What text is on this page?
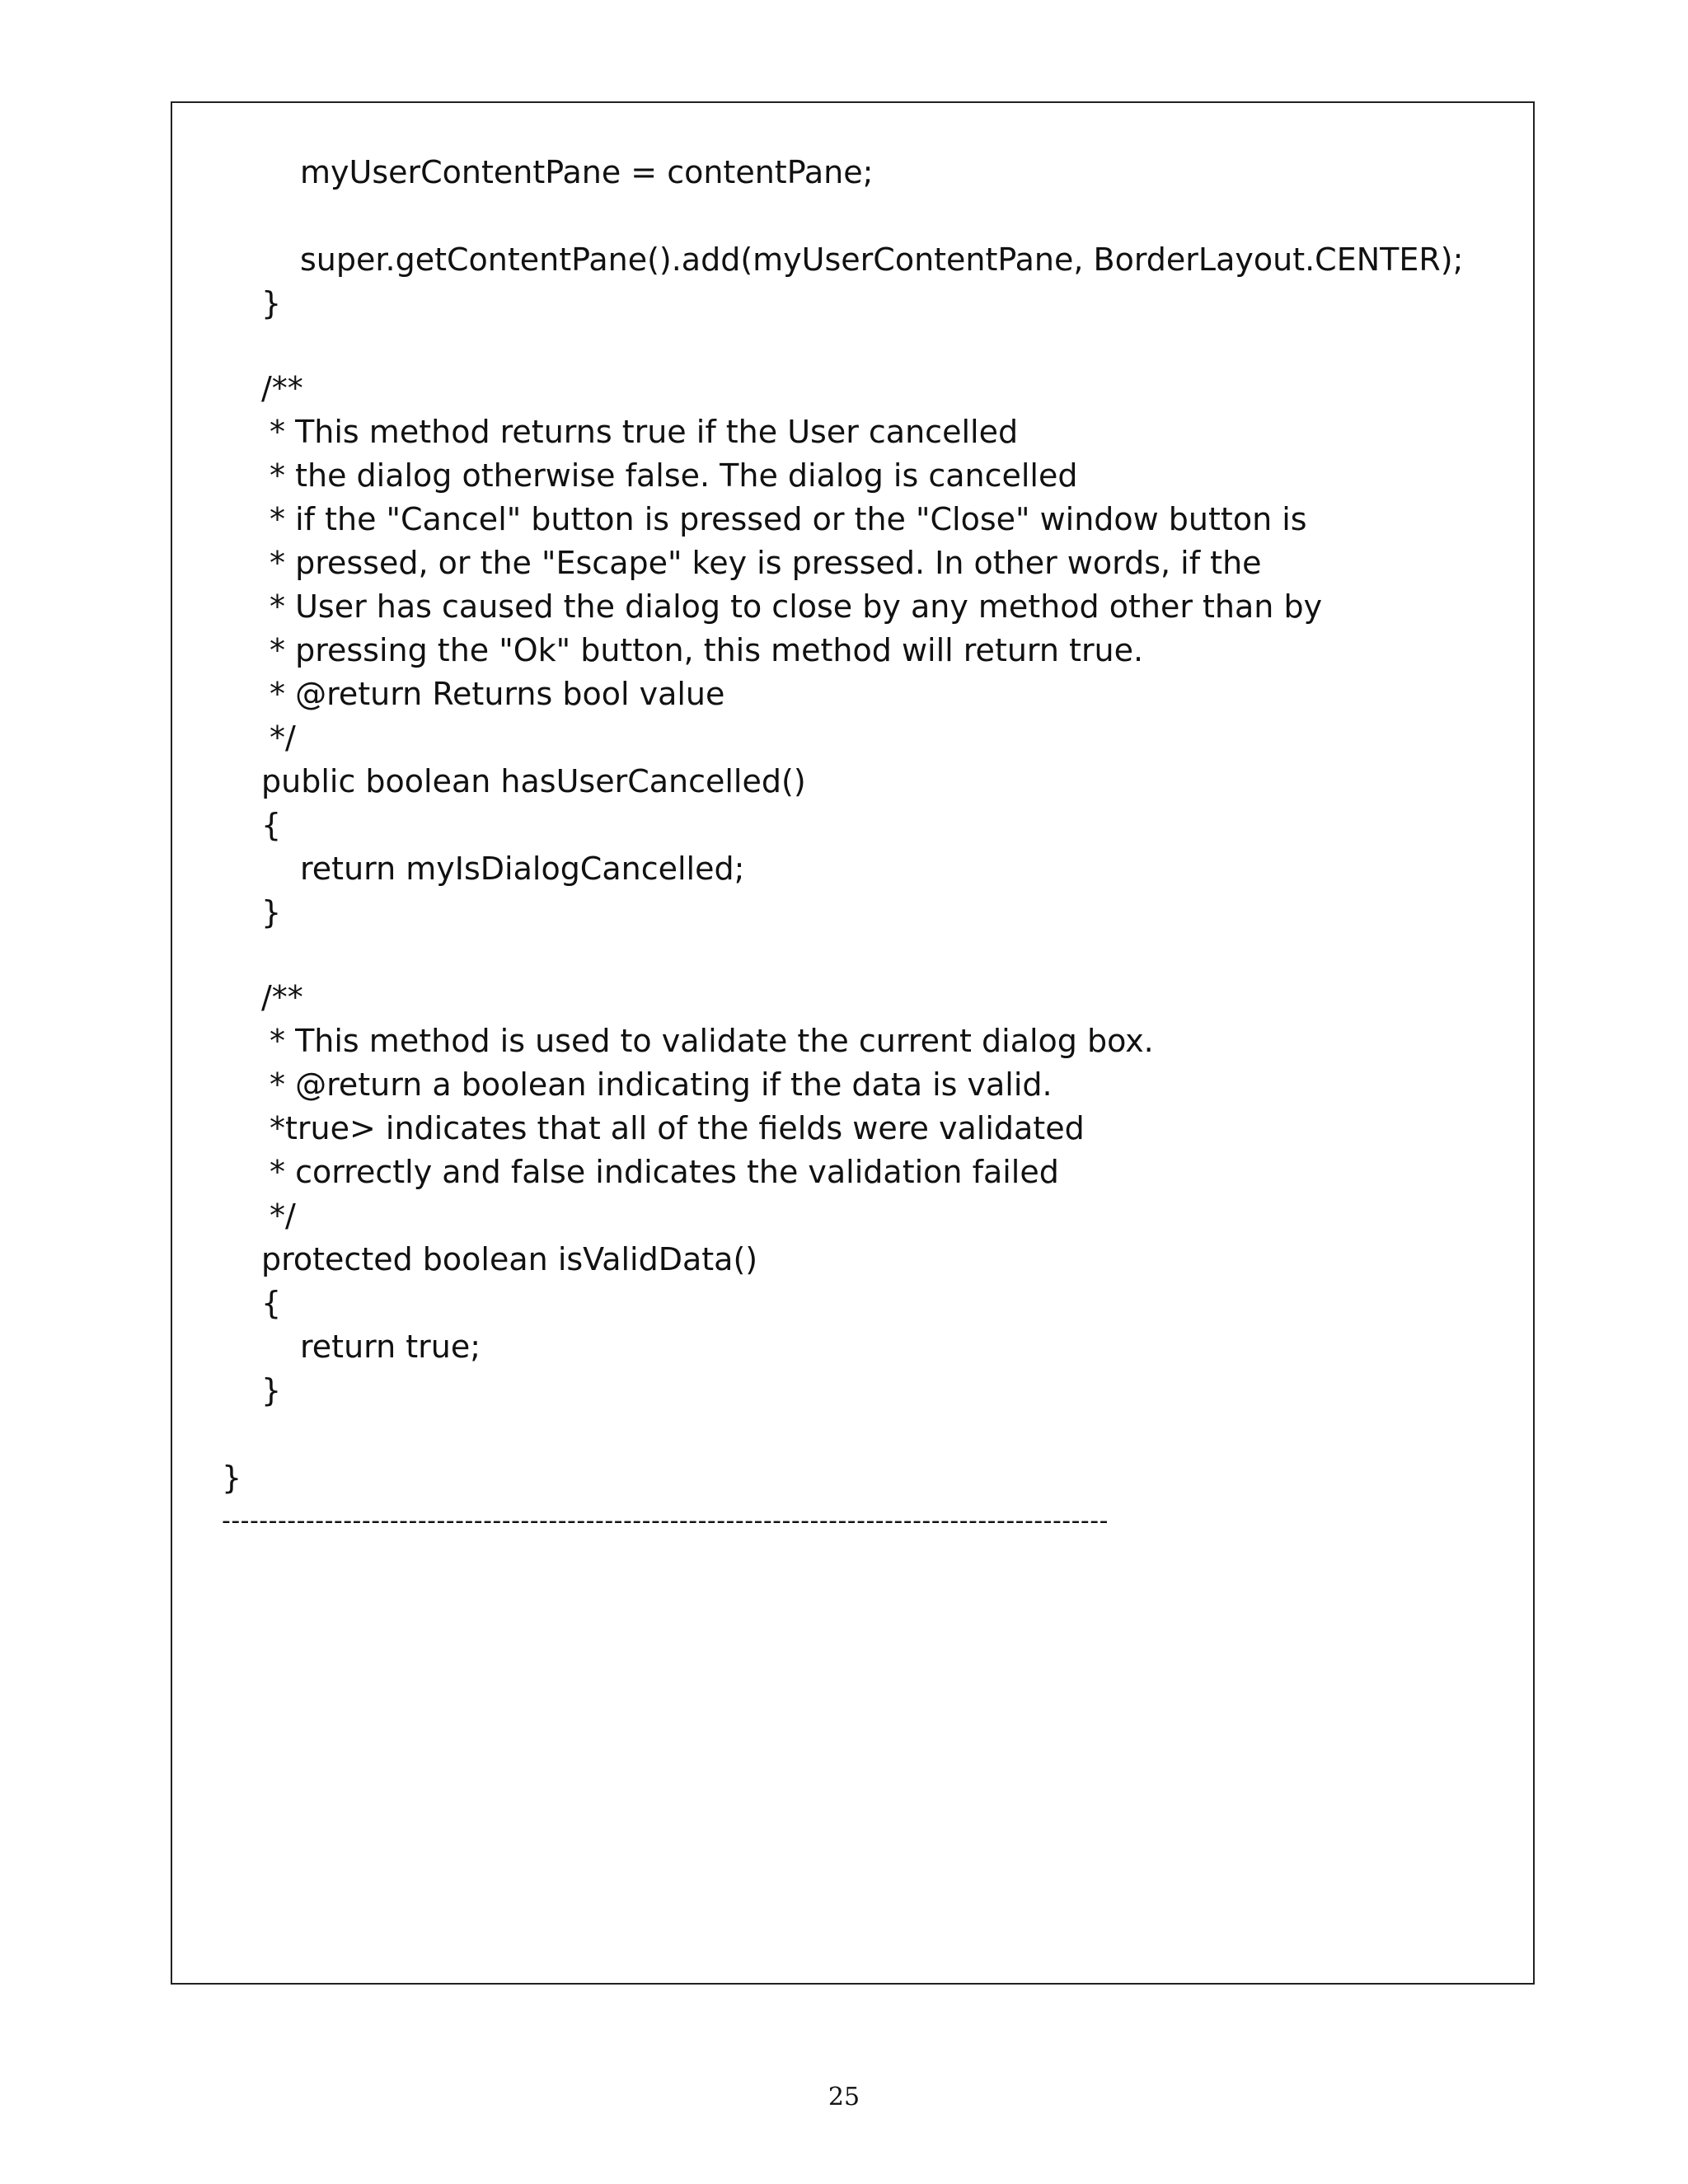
myUserContentPane = contentPane;
super.getContentPane().add(myUserContentPane, BorderLayout.CENTER);
}
/**
* This method returns true if the User cancelled
* the dialog otherwise false. The dialog is cancelled
* if the "Cancel" button is pressed or the "Close" window button is
* pressed, or the "Escape" key is pressed. In other words, if the
* User has caused the dialog to close by any method other than by
* pressing the "Ok" button, this method will return true.
* @return Returns bool value
*/
public boolean hasUserCancelled()
{
return myIsDialogCancelled;
}
/**
* This method is used to validate the current dialog box.
* @return a boolean indicating if the data is valid.
*true> indicates that all of the fields were validated
* correctly and false indicates the validation failed
*/
protected boolean isValidData()
{
return true;
}
}
-----------------------------------------------------------------------------------------------
25
